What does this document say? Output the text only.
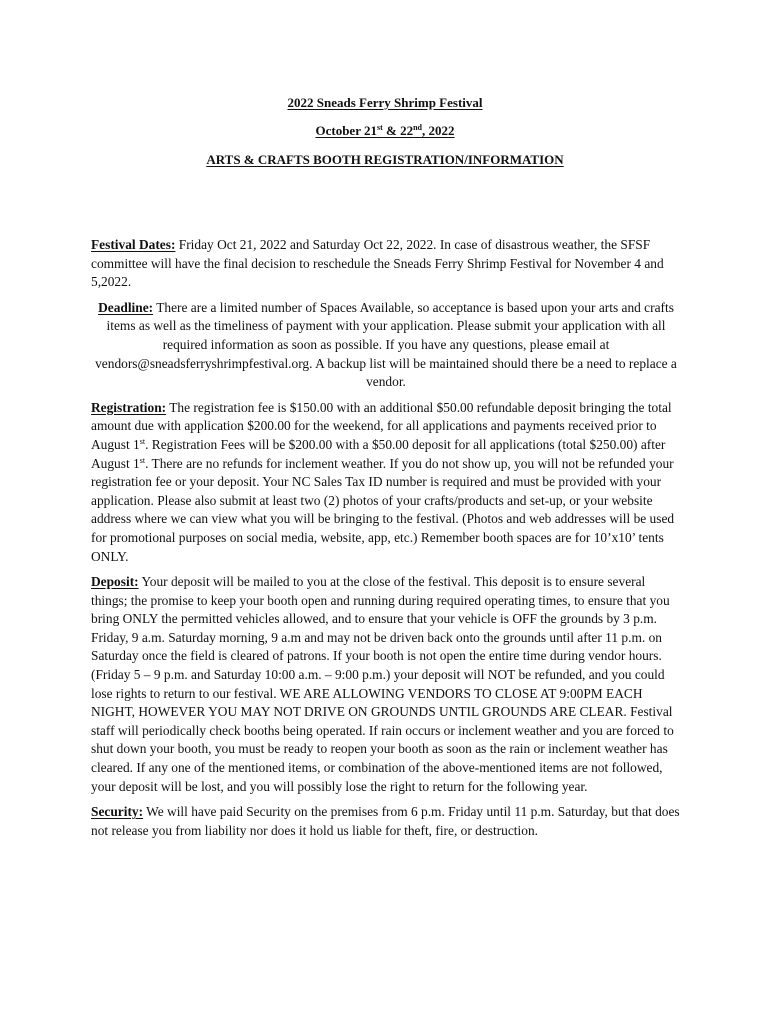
2022 Sneads Ferry Shrimp Festival
October 21st & 22nd, 2022
ARTS & CRAFTS BOOTH REGISTRATION/INFORMATION

Festival Dates: Friday Oct 21, 2022 and Saturday Oct 22, 2022. In case of disastrous weather, the SFSF committee will have the final decision to reschedule the Sneads Ferry Shrimp Festival for November 4 and 5,2022.

Deadline: There are a limited number of Spaces Available, so acceptance is based upon your arts and crafts items as well as the timeliness of payment with your application. Please submit your application with all required information as soon as possible. If you have any questions, please email at vendors@sneadsferryshrimpfestival.org. A backup list will be maintained should there be a need to replace a vendor.

Registration: The registration fee is $150.00 with an additional $50.00 refundable deposit bringing the total amount due with application $200.00 for the weekend, for all applications and payments received prior to August 1st. Registration Fees will be $200.00 with a $50.00 deposit for all applications (total $250.00) after August 1st. There are no refunds for inclement weather. If you do not show up, you will not be refunded your registration fee or your deposit. Your NC Sales Tax ID number is required and must be provided with your application. Please also submit at least two (2) photos of your crafts/products and set-up, or your website address where we can view what you will be bringing to the festival. (Photos and web addresses will be used for promotional purposes on social media, website, app, etc.) Remember booth spaces are for 10’x10’ tents ONLY.

Deposit: Your deposit will be mailed to you at the close of the festival. This deposit is to ensure several things; the promise to keep your booth open and running during required operating times, to ensure that you bring ONLY the permitted vehicles allowed, and to ensure that your vehicle is OFF the grounds by 3 p.m. Friday, 9 a.m. Saturday morning, 9 a.m and may not be driven back onto the grounds until after 11 p.m. on Saturday once the field is cleared of patrons. If your booth is not open the entire time during vendor hours. (Friday 5 – 9 p.m. and Saturday 10:00 a.m. – 9:00 p.m.) your deposit will NOT be refunded, and you could lose rights to return to our festival. WE ARE ALLOWING VENDORS TO CLOSE AT 9:00PM EACH NIGHT, HOWEVER YOU MAY NOT DRIVE ON GROUNDS UNTIL GROUNDS ARE CLEAR. Festival staff will periodically check booths being operated. If rain occurs or inclement weather and you are forced to shut down your booth, you must be ready to reopen your booth as soon as the rain or inclement weather has cleared. If any one of the mentioned items, or combination of the above-mentioned items are not followed, your deposit will be lost, and you will possibly lose the right to return for the following year.

Security: We will have paid Security on the premises from 6 p.m. Friday until 11 p.m. Saturday, but that does not release you from liability nor does it hold us liable for theft, fire, or destruction.
